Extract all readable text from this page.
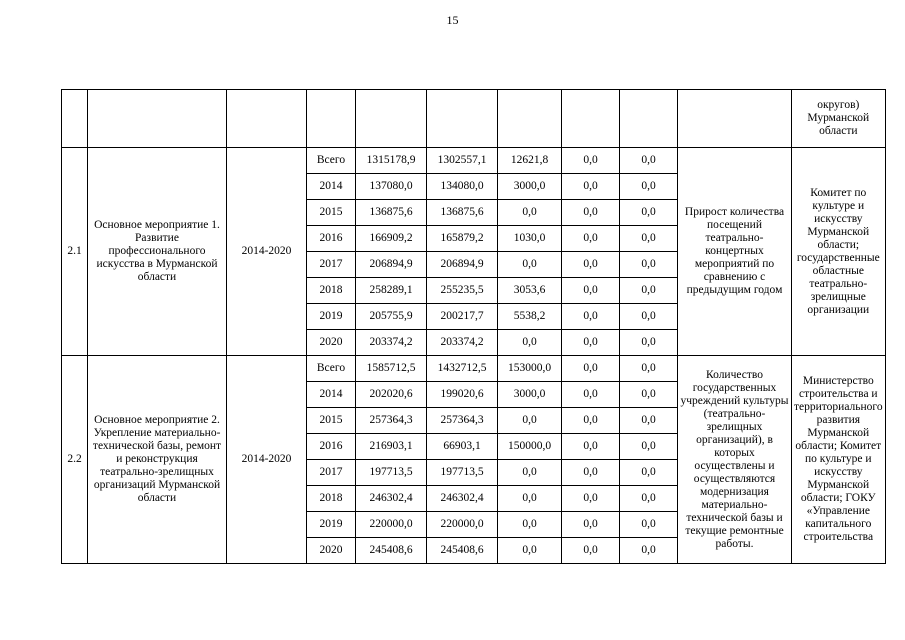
15
										округов) Мурманской области
2.1	Основное мероприятие 1. Развитие профессионального искусства в Мурманской области	2014-2020	Всего	1315178,9	1302557,1	12621,8	0,0	0,0	Прирост количества посещений театрально-концертных мероприятий по сравнению с предыдущим годом	Комитет по культуре и искусству Мурманской области; государственные областные театрально-зрелищные организации
			2014	137080,0	134080,0	3000,0	0,0	0,0		
			2015	136875,6	136875,6	0,0	0,0	0,0		
			2016	166909,2	165879,2	1030,0	0,0	0,0		
			2017	206894,9	206894,9	0,0	0,0	0,0		
			2018	258289,1	255235,5	3053,6	0,0	0,0		
			2019	205755,9	200217,7	5538,2	0,0	0,0		
			2020	203374,2	203374,2	0,0	0,0	0,0		
2.2	Основное мероприятие 2. Укрепление материально-технической базы, ремонт и реконструкция театрально-зрелищных организаций Мурманской области	2014-2020	Всего	1585712,5	1432712,5	153000,0	0,0	0,0	Количество государственных учреждений культуры (театрально-зрелищных организаций), в которых осуществлены и осуществляются модернизация материально-технической базы и текущие ремонтные работы.	Министерство строительства и территориального развития Мурманской области; Комитет по культуре и искусству Мурманской области; ГОКУ «Управление капитального строительства
			2014	202020,6	199020,6	3000,0	0,0	0,0		
			2015	257364,3	257364,3	0,0	0,0	0,0		
			2016	216903,1	66903,1	150000,0	0,0	0,0		
			2017	197713,5	197713,5	0,0	0,0	0,0		
			2018	246302,4	246302,4	0,0	0,0	0,0		
			2019	220000,0	220000,0	0,0	0,0	0,0		
			2020	245408,6	245408,6	0,0	0,0	0,0		
